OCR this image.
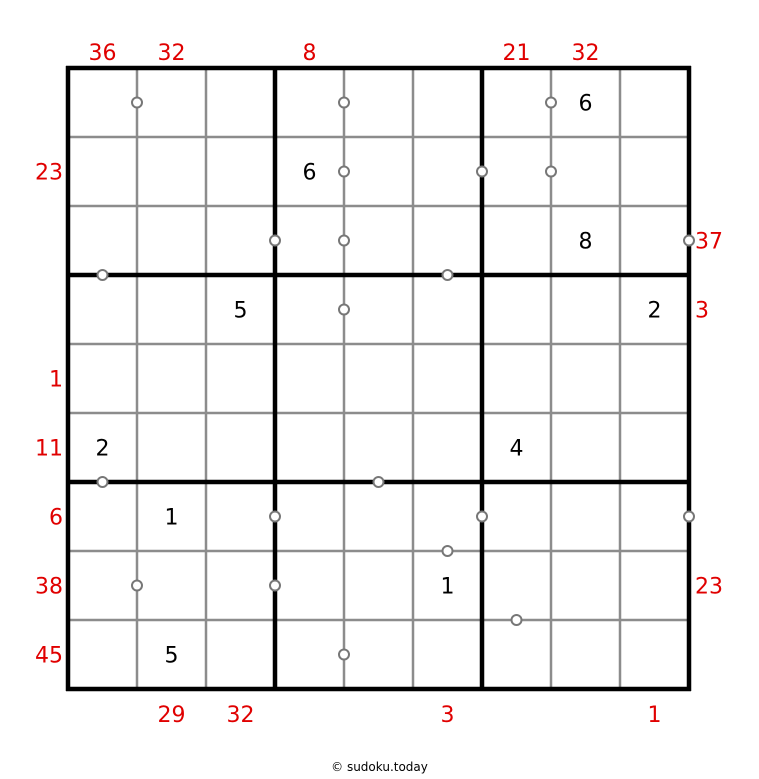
6
6
8
5	2
2	4
1
1
5
36 32
29
23
32
37
8
3
1
3
11
21
6
32
38	23
1
45
© sudoku.today
